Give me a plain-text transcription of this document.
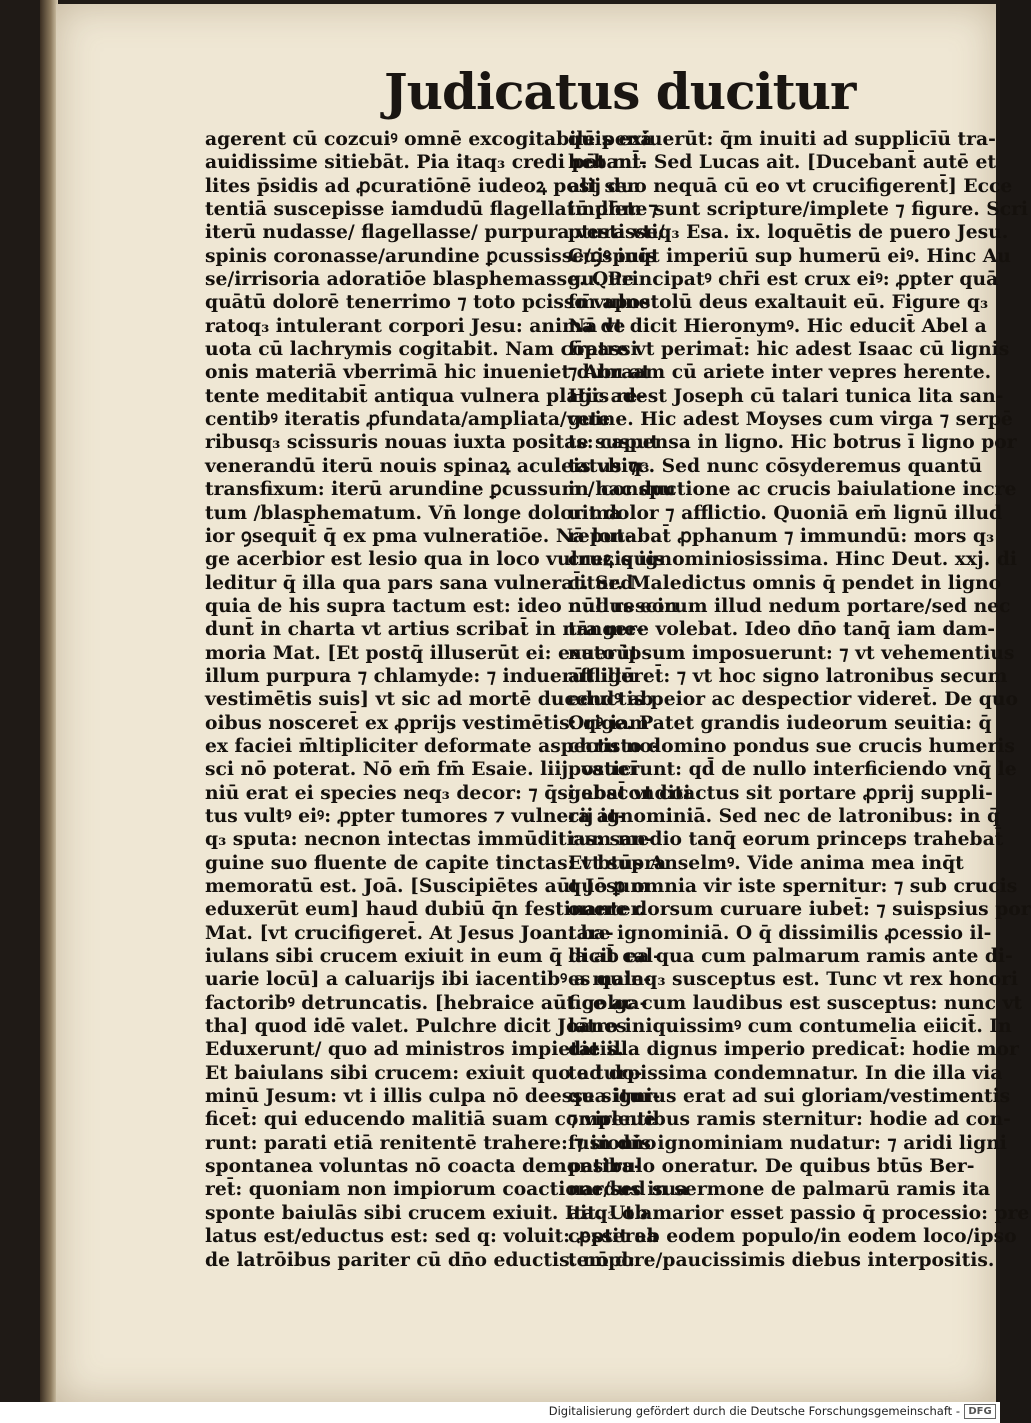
Judicatus ducitur
agerent cū cozcuiꝰ omnē excogitabilē penā
auidissime sitiebāt. Pia itaq₃ credi pōt mi-
lites p̄sidis ad ꝓcuratiōnē iudeoꝝ post sen
tentiā suscepisse iamdudū flagellatū dn̄m ⁊
iterū nudasse/ flagellasse/ purpura vestisse/
spinis coronasse/arundine ꝑcussisse/ꝯspuis
se/irrisoria adoratiōe blasphemasse. Que
quātū dolorē tenerrimo ⁊ toto pcisso vulne
ratoq₃ intulerant corpori Jesu: anima de
uota cū lachrymis cogitabit. Nam cōpassi
onis materiā vberrimā hic inueniet dum at
tente meditabit̄ antiqua vulnera plagis re-
centibꝰ iteratis ꝓfundata/ampliata/vete
ribusq₃ scissuris nouas iuxta positas: caput
venerandū iterū nouis spinaꝝ aculeis vbiq₃
transfixum: iterū arundine ꝑcussum / conspu
tum /blasphematum. Vn̄ longe dolor ma
ior ꝯsequit̄ q̄ ex pma vulneratiōe. Nā lon-
ge acerbior est lesio qua in loco vulneꝝ quis
leditur q̄ illa qua pars sana vulnerat̄. Sed
quia de his supra tactum est: ideo nūc rescin
dunt̄ in charta vt artius scribat̄ in nr̄a me-
moria Mat. [Et postq̄ illuserūt ei: exuerūt
illum purpura ⁊ chlamyde: ⁊ induerūt illū
vestimētis suis] vt sic ad mortē ducendꝰ ab
oibus nosceret̄ ex ꝓprijs vestimētis: qꝰ iam
ex faciei m̄ltipliciter deformate aspectu no-
sci nō poterat. Nō em̄ fm̄ Esaie. liij. vaticī
niū erat ei species neq₃ decor: ⁊ q̄si absconditi
tus vultꝰ eiꝰ: ꝓpter tumores ⁊ vulnera at-
q₃ sputa: necnon intectas immūditias: san-
guine suo fluente de capite tinctas: vt supra
memoratū est. Joā. [Suscipiētes aūt Jesum
eduxerūt eum] haud dubiū q̄n festinanter.
Mat. [vt crucifigeret̄. At Jesus Joan. ba-
iulans sibi crucem exiuit in eum q̄ dicit̄ cal-
uarie locū] a caluarijs ibi iacentibꝰ a male-
factoribꝰ detruncatis. [hebraice aūt golga-
tha] quod idē valet. Pulchre dicit Joānes
Eduxerunt/ quo ad ministros impietatis.
Et baiulans sibi crucem: exiuit quo ad do-
minū Jesum: vt i illis culpa nō deesse signi-
ficet̄: qui educendo malitiā suam compleue
runt: parati etiā renitentē trahere: ⁊ in dn̄o
spontanea voluntas nō coacta demonstra-
ret̄: quoniam non impiorum coactione/sed sua
sponte baiulās sibi crucem exiuit. Itaq₃ ob
latus est/eductus est: sed q: voluit: ꝓpterea
de latrōibus pariter cū dn̄o eductis. nō d:
quis exiuerūt: q̄m inuiti ad supplicīū tra-
hebant̄. Sed Lucas ait. [Ducebant̄ autē et
alij duo nequā cū eo vt crucifigerent̄] Ecce
implete sunt scripture/implete ⁊ figure. Scri
ptura vtiq₃ Esa. ix. loquētis de puero Jesu.
Cuiꝰ inq̄t imperiū sup humerū eiꝰ. Hinc Au
gu. Principatꝰ chr̄i est crux eiꝰ: ꝓpter quā
fm̄ apostolū deus exaltauit eū. Figure q₃
Nā vt dicit Hieronymꝰ. Hic educit̄ Abel a
fratre vt perimat̄: hic adest Isaac cū lignis
⁊ Abraam cū ariete inter vepres herente.
Hic adest Joseph cū talari tunica lita san-
guine. Hic adest Moyses cum virga ⁊ serpē
te suspensa in ligno. Hic botrus ī ligno por
tatus ⁊c. Sed nunc cōsyderemus quantū
in hac ductione ac crucis baiulatione incre
uit dolor ⁊ afflictio. Quoniā em̄ lignū illud
reputabat̄ ꝓphanum ⁊ immundū: mors q₃
crucis ignominiosissima. Hinc Deut. xxj. di
citur. Maledictus omnis q̄ pendet in ligno
nullus eorum illud nedum portare/sed nec
tangere volebat. Ideo dn̄o tanq̄ iam dam-
nato ipsum imposuerunt: ⁊ vt vehementius
affligeret̄: ⁊ vt hoc signo latronibus secum
eductis peior ac despectior videret̄. De quo
Orige. Patet grandis iudeorum seuitia: q̄
christo domino pondus sue crucis humeris
posuerunt: qd̄ de nullo interficiendo vnq̄ le
gebat̄ vt coactus sit portare ꝓprij suppli-
cij ignominiā. Sed nec de latronibus: in q̄
rum medio tanq̄ eorum princeps trahebat̄
Et btūs Anselmꝰ. Vide anima mea inq̄t
quō ꝑ omnia vir iste spernitur: ⁊ sub crucis
onere dorsum curuare iubet̄: ⁊ suispsius por
tare ignominiā. O q̄ dissimilis ꝓcessio il-
la ab ea qua cum palmarum ramis ante di-
es quinq₃ susceptus est. Tunc vt rex honori
fice ac cum laudibus est susceptus: nunc vt
latro iniquissimꝰ cum contumelia eiicit̄. In
die illa dignus imperio predicat̄: hodie mor
te turpissima condemnatur. In die illa via
qua iturus erat ad sui gloriam/vestimentis
⁊ virentibus ramis sternitur: hodie ad con-
fusionis ignominiam nudatur: ⁊ aridi ligni
patibulo oneratur. De quibus btūs Ber-
nardus in sermone de palmarū ramis ita
ait. Ut amarior esset passio q̄ processio: pre
cessit ab eodem populo/in eodem loco/ipso
tempore/paucissimis diebus interpositis.
Digitalisierung gefördert durch die Deutsche Forschungsgemeinschaft - DFG
